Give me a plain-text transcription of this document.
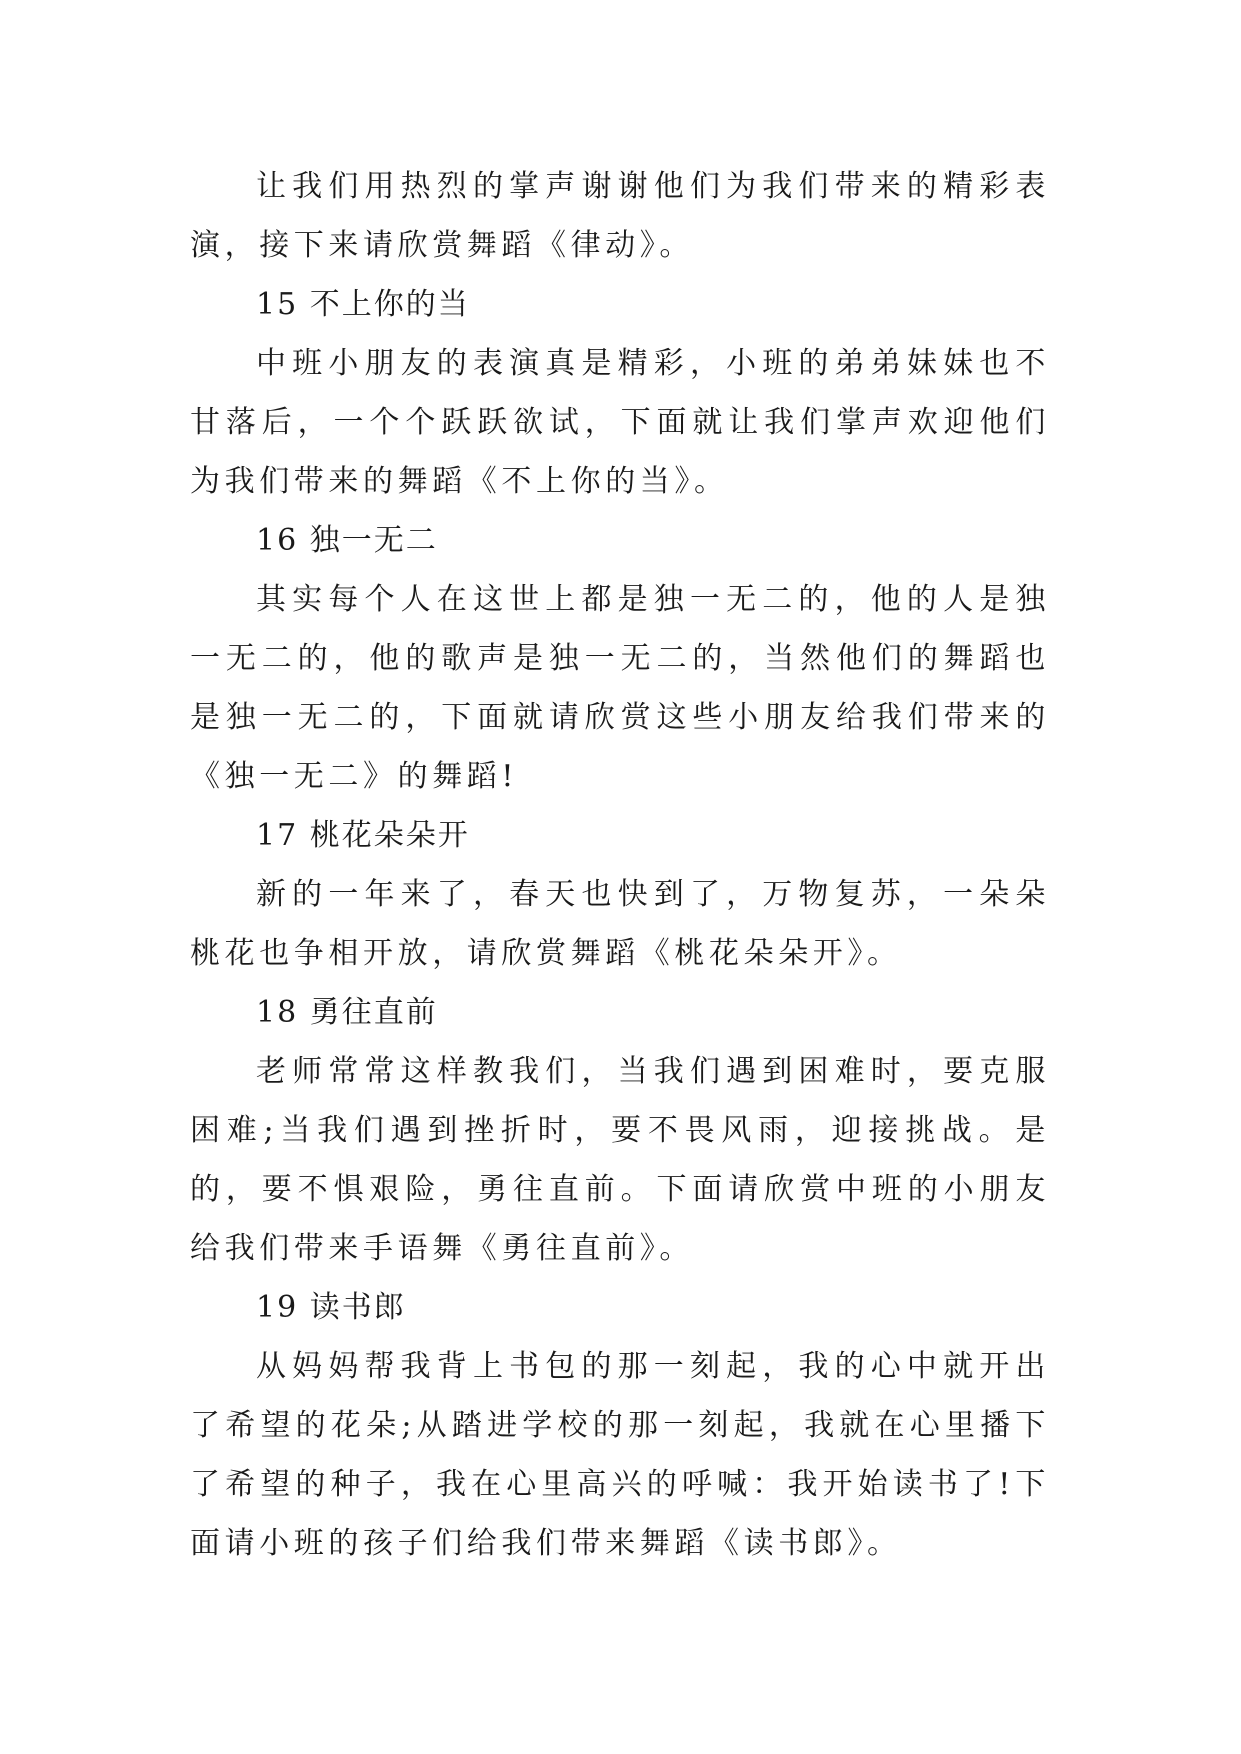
让我们用热烈的掌声谢谢他们为我们带来的精彩表演，接下来请欣赏舞蹈《律动》。

15 不上你的当

中班小朋友的表演真是精彩，小班的弟弟妹妹也不甘落后，一个个跃跃欲试，下面就让我们掌声欢迎他们为我们带来的舞蹈《不上你的当》。

16 独一无二

其实每个人在这世上都是独一无二的，他的人是独一无二的，他的歌声是独一无二的，当然他们的舞蹈也是独一无二的，下面就请欣赏这些小朋友给我们带来的《独一无二》的舞蹈!

17 桃花朵朵开

新的一年来了，春天也快到了，万物复苏，一朵朵桃花也争相开放，请欣赏舞蹈《桃花朵朵开》。

18 勇往直前

老师常常这样教我们，当我们遇到困难时，要克服困难;当我们遇到挫折时，要不畏风雨，迎接挑战。是的，要不惧艰险，勇往直前。下面请欣赏中班的小朋友给我们带来手语舞《勇往直前》。

19 读书郎

从妈妈帮我背上书包的那一刻起，我的心中就开出了希望的花朵;从踏进学校的那一刻起，我就在心里播下了希望的种子，我在心里高兴的呼喊：我开始读书了!下面请小班的孩子们给我们带来舞蹈《读书郎》。
